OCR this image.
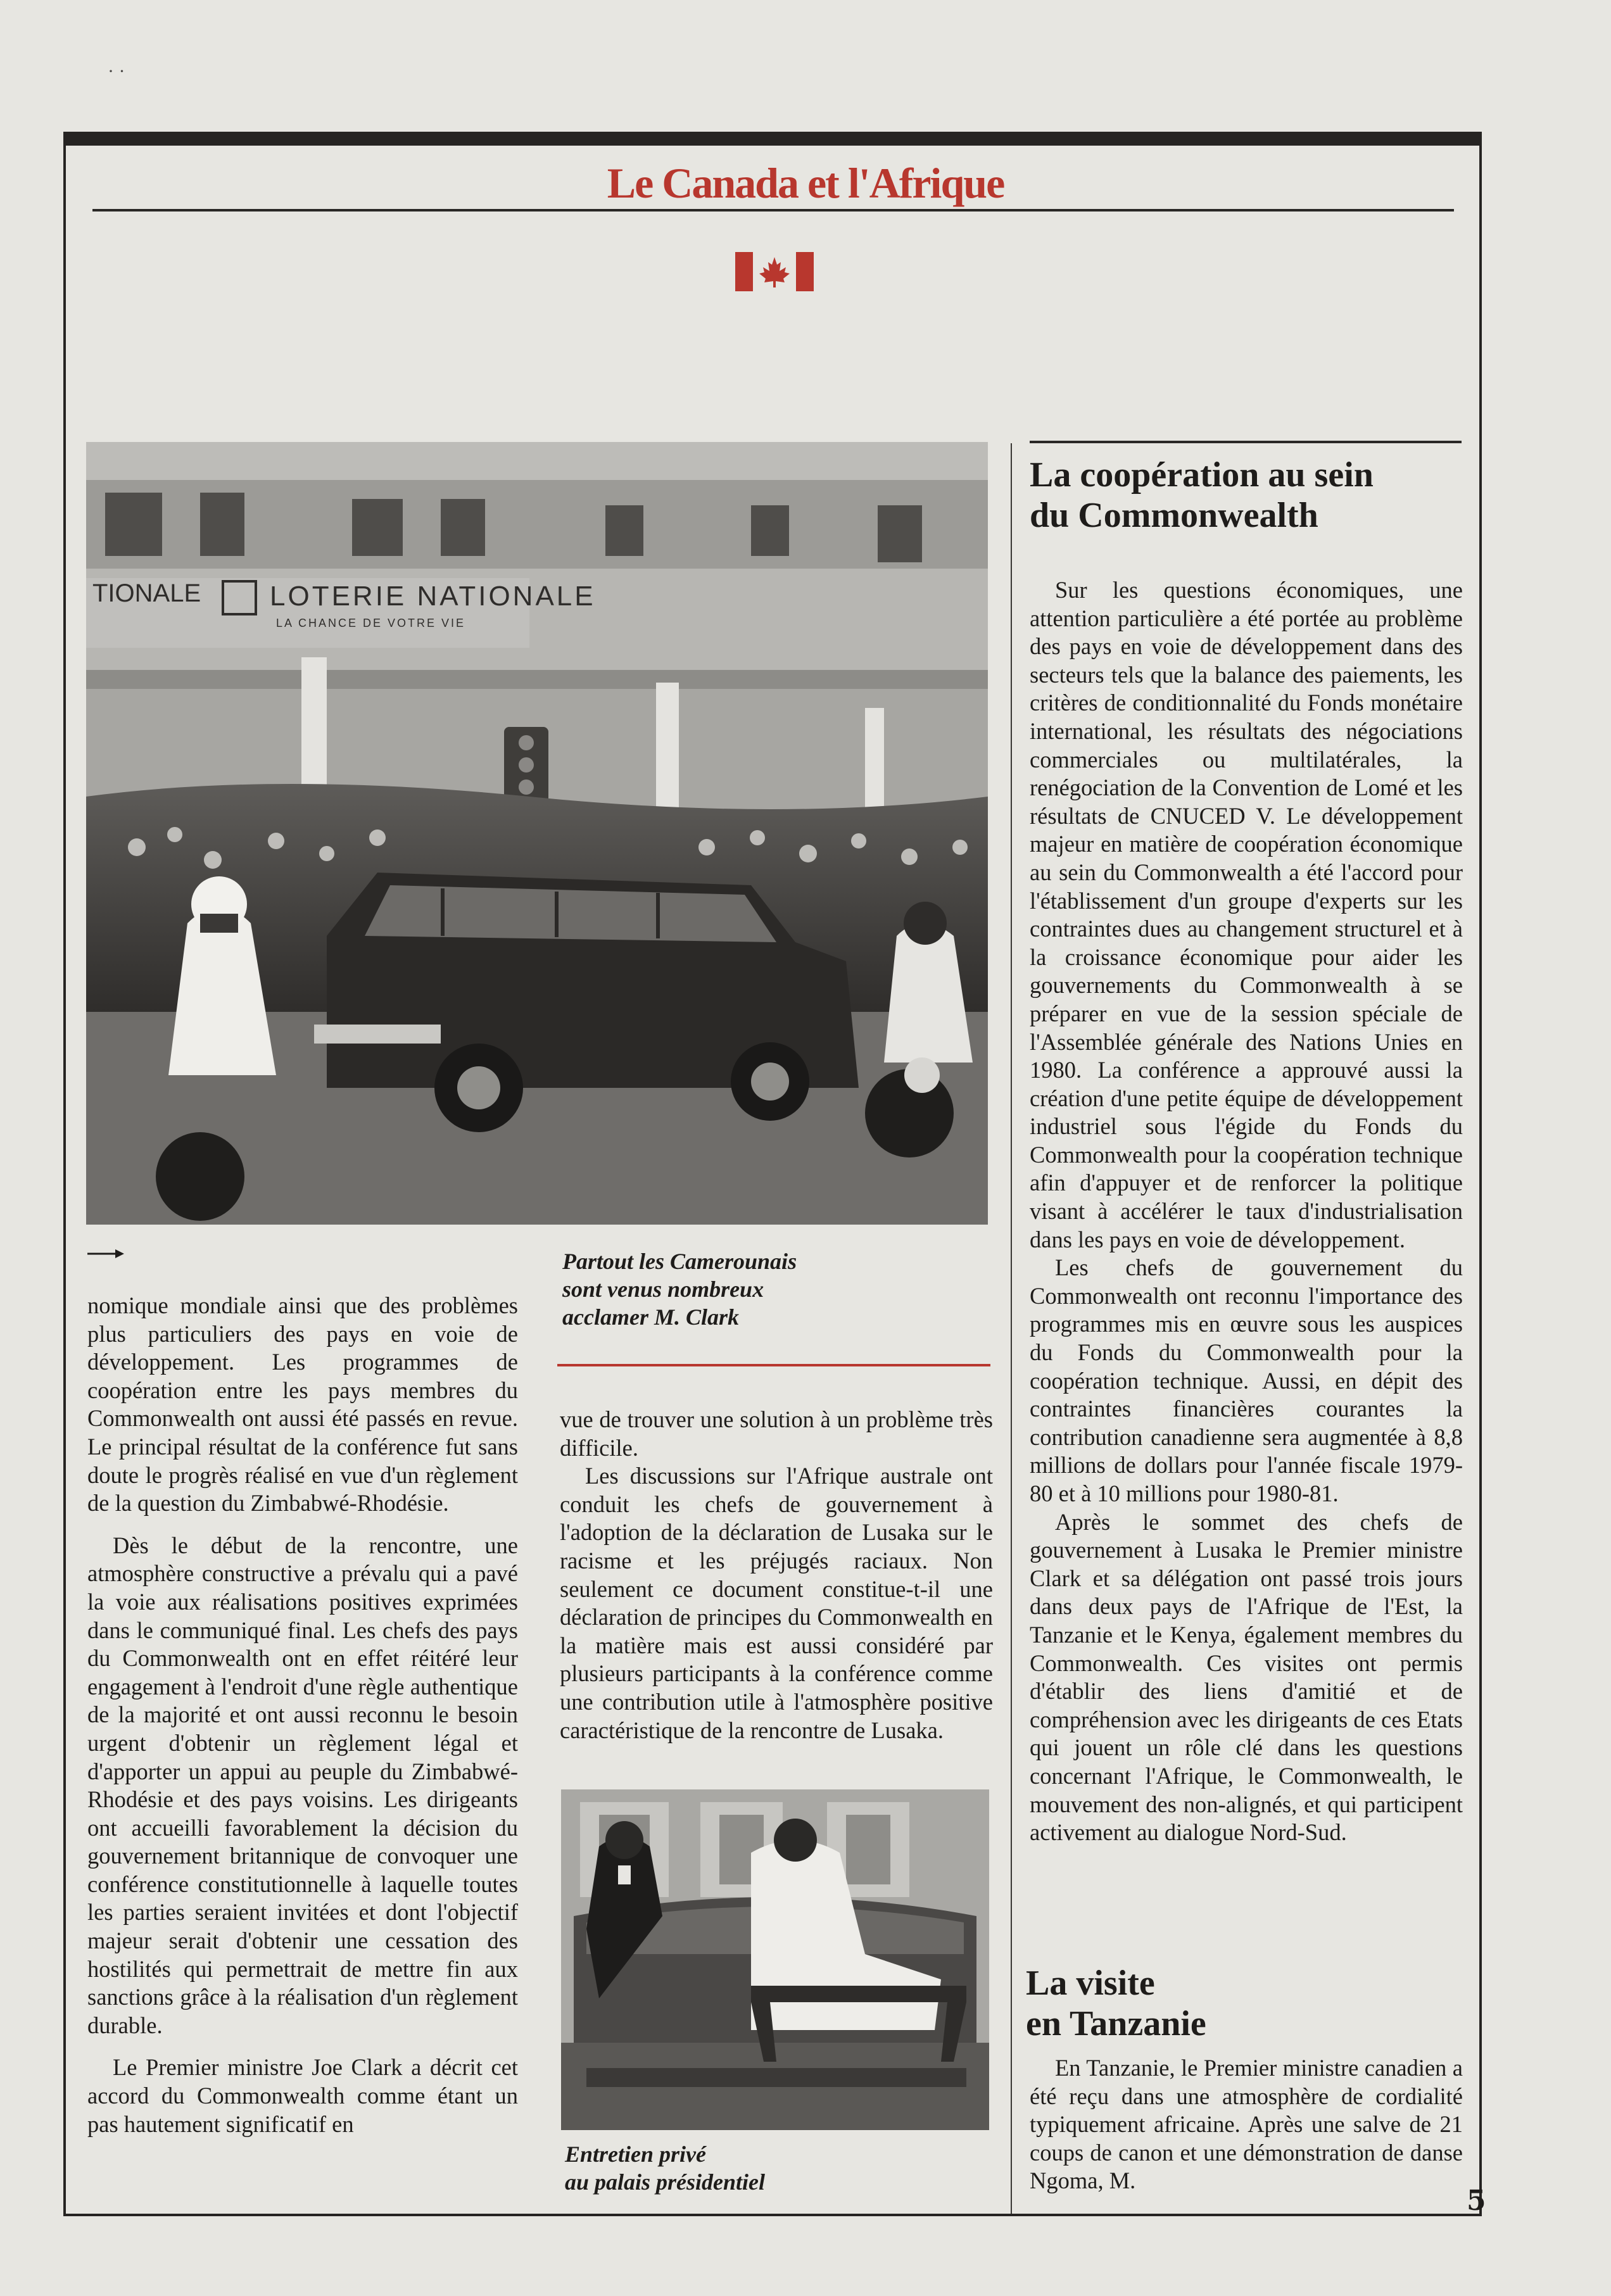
· ·
Le Canada et l'Afrique
TIONALE LOTERIE NATIONALE
LA CHANCE DE VOTRE VIE

nomique mondiale ainsi que des problèmes plus particuliers des pays en voie de développement. Les programmes de coopération entre les pays membres du Commonwealth ont aussi été passés en revue. Le principal résultat de la conférence fut sans doute le progrès réalisé en vue d'un règlement de la question du Zimbabwé-Rhodésie.

Dès le début de la rencontre, une atmosphère constructive a prévalu qui a pavé la voie aux réalisations positives exprimées dans le communiqué final. Les chefs des pays du Commonwealth ont en effet réitéré leur engagement à l'endroit d'une règle authentique de la majorité et ont aussi reconnu le besoin urgent d'obtenir un règlement légal et d'apporter un appui au peuple du Zimbabwé-Rhodésie et des pays voisins. Les dirigeants ont accueilli favorablement la décision du gouvernement britannique de convoquer une conférence constitutionnelle à laquelle toutes les parties seraient invitées et dont l'objectif majeur serait d'obtenir une cessation des hostilités qui permettrait de mettre fin aux sanctions grâce à la réalisation d'un règlement durable.

Le Premier ministre Joe Clark a décrit cet accord du Commonwealth comme étant un pas hautement significatif en

Partout les Camerounais
sont venus nombreux
acclamer M. Clark

vue de trouver une solution à un problème très difficile.

Les discussions sur l'Afrique australe ont conduit les chefs de gouvernement à l'adoption de la déclaration de Lusaka sur le racisme et les préjugés raciaux. Non seulement ce document constitue-t-il une déclaration de principes du Commonwealth en la matière mais est aussi considéré par plusieurs participants à la conférence comme une contribution utile à l'atmosphère positive caractéristique de la rencontre de Lusaka.

Entretien privé
au palais présidentiel
La coopération au sein
du Commonwealth

Sur les questions économiques, une attention particulière a été portée au problème des pays en voie de développement dans des secteurs tels que la balance des paiements, les critères de conditionnalité du Fonds monétaire international, les résultats des négociations commerciales ou multilatérales, la renégociation de la Convention de Lomé et les résultats de CNUCED V. Le développement majeur en matière de coopération économique au sein du Commonwealth a été l'accord pour l'établissement d'un groupe d'experts sur les contraintes dues au changement structurel et à la croissance économique pour aider les gouvernements du Commonwealth à se préparer en vue de la session spéciale de l'Assemblée générale des Nations Unies en 1980. La conférence a approuvé aussi la création d'une petite équipe de développement industriel sous l'égide du Fonds du Commonwealth pour la coopération technique afin d'appuyer et de renforcer la politique visant à accélérer le taux d'industrialisation dans les pays en voie de développement.

Les chefs de gouvernement du Commonwealth ont reconnu l'importance des programmes mis en œuvre sous les auspices du Fonds du Commonwealth pour la coopération technique. Aussi, en dépit des contraintes financières courantes la contribution canadienne sera augmentée à 8,8 millions de dollars pour l'année fiscale 1979-80 et à 10 millions pour 1980-81.

Après le sommet des chefs de gouvernement à Lusaka le Premier ministre Clark et sa délégation ont passé trois jours dans deux pays de l'Afrique de l'Est, la Tanzanie et le Kenya, également membres du Commonwealth. Ces visites ont permis d'établir des liens d'amitié et de compréhension avec les dirigeants de ces Etats qui jouent un rôle clé dans les questions concernant l'Afrique, le Commonwealth, le mouvement des non-alignés, et qui participent activement au dialogue Nord-Sud.

La visite
en Tanzanie

En Tanzanie, le Premier ministre canadien a été reçu dans une atmosphère de cordialité typiquement africaine. Après une salve de 21 coups de canon et une démonstration de danse Ngoma, M.

5
